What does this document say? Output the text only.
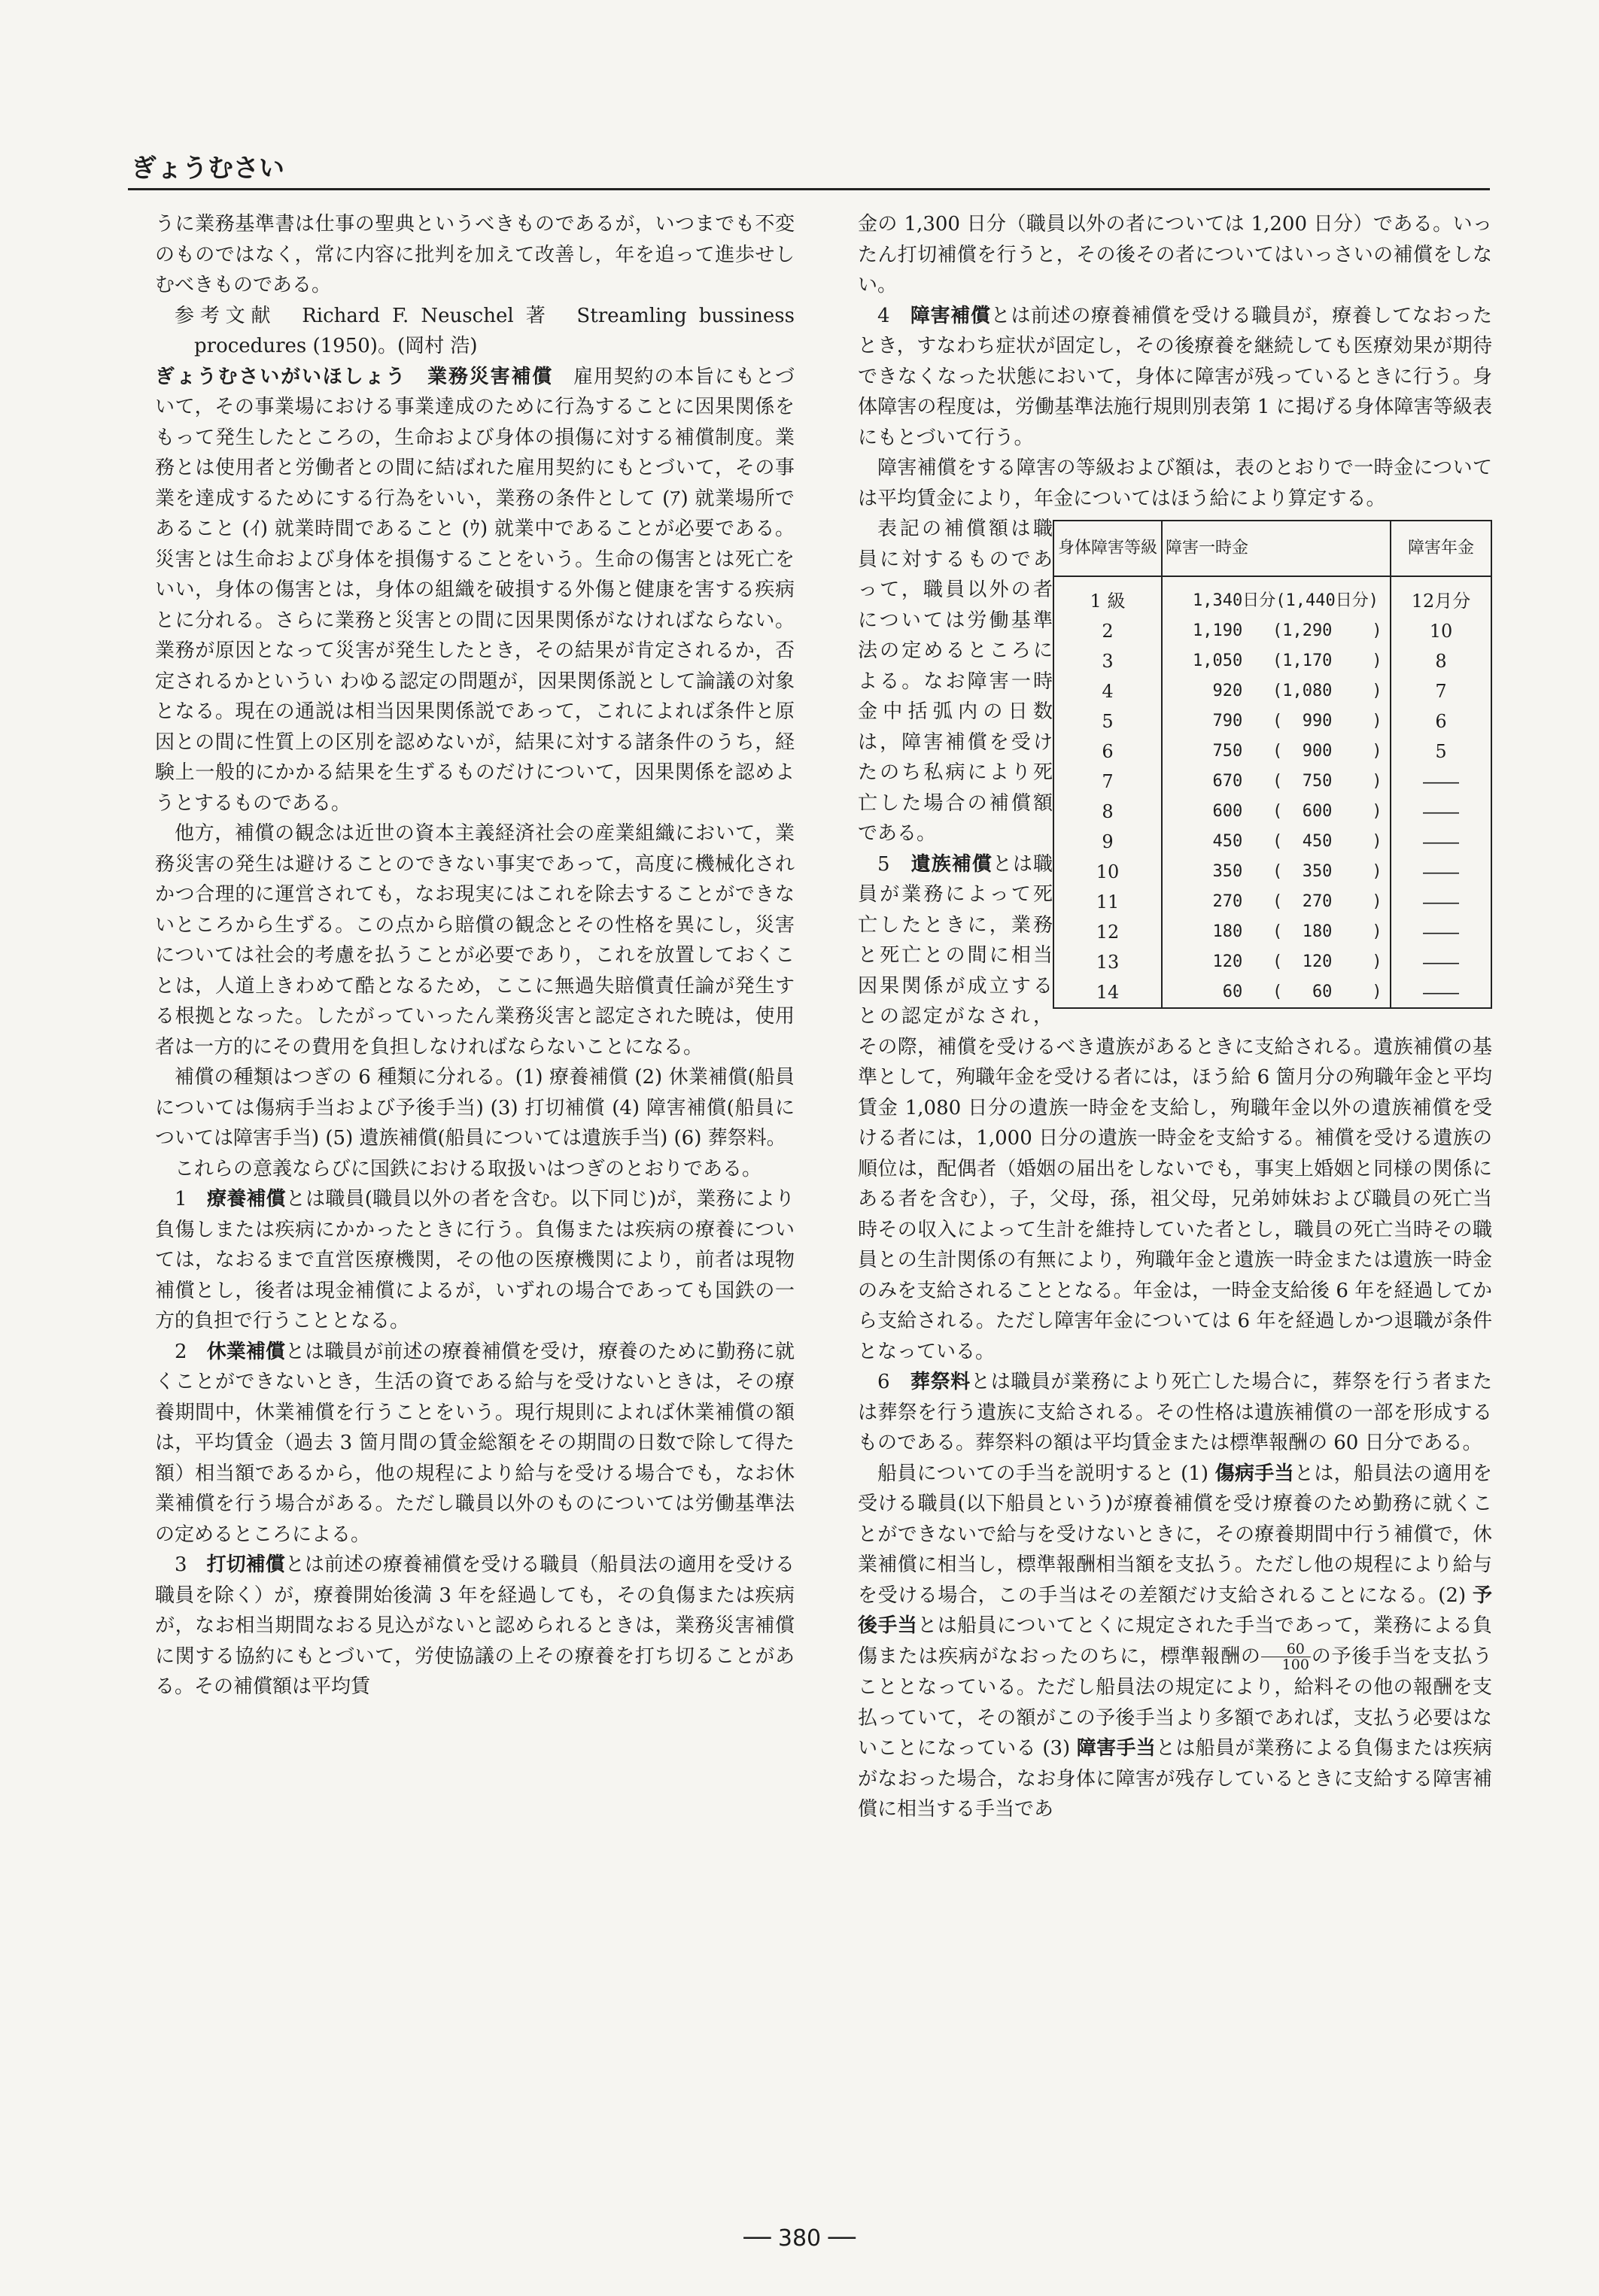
ぎょうむさい

うに業務基準書は仕事の聖典というべきものであるが，いつまでも不変のものではなく，常に内容に批判を加えて改善し，年を追って進歩せしむべきものである。

参考文献　Richard F. Neuschel 著　Streamling bussiness procedures (1950)。(岡村 浩)

ぎょうむさいがいほしょう　業務災害補償　 雇用契約の本旨にもとづいて，その事業場における事業達成のために行為することに因果関係をもって発生したところの，生命および身体の損傷に対する補償制度。業務とは使用者と労働者との間に結ばれた雇用契約にもとづいて，その事業を達成するためにする行為をいい，業務の条件として (ｱ) 就業場所であること (ｲ) 就業時間であること (ｳ) 就業中であることが必要である。災害とは生命および身体を損傷することをいう。生命の傷害とは死亡をいい，身体の傷害とは，身体の組織を破損する外傷と健康を害する疾病とに分れる。さらに業務と災害との間に因果関係がなければならない。業務が原因となって災害が発生したとき，その結果が肯定されるか，否定されるかというい わゆる認定の問題が，因果関係説として論議の対象となる。現在の通説は相当因果関係説であって，これによれば条件と原因との間に性質上の区別を認めないが，結果に対する諸条件のうち，経験上一般的にかかる結果を生ずるものだけについて，因果関係を認めようとするものである。

他方，補償の観念は近世の資本主義経済社会の産業組織において，業務災害の発生は避けることのできない事実であって，高度に機械化されかつ合理的に運営されても，なお現実にはこれを除去することができないところから生ずる。この点から賠償の観念とその性格を異にし，災害については社会的考慮を払うことが必要であり，これを放置しておくことは，人道上きわめて酷となるため，ここに無過失賠償責任論が発生する根拠となった。したがっていったん業務災害と認定された暁は，使用者は一方的にその費用を負担しなければならないことになる。

補償の種類はつぎの 6 種類に分れる。(1) 療養補償 (2) 休業補償(船員については傷病手当および予後手当) (3) 打切補償 (4) 障害補償(船員については障害手当) (5) 遺族補償(船員については遺族手当) (6) 葬祭料。

これらの意義ならびに国鉄における取扱いはつぎのとおりである。

1　療養補償とは職員(職員以外の者を含む。以下同じ)が，業務により負傷しまたは疾病にかかったときに行う。負傷または疾病の療養については，なおるまで直営医療機関，その他の医療機関により，前者は現物補償とし，後者は現金補償によるが，いずれの場合であっても国鉄の一方的負担で行うこととなる。

2　休業補償とは職員が前述の療養補償を受け，療養のために勤務に就くことができないとき，生活の資である給与を受けないときは，その療養期間中，休業補償を行うことをいう。現行規則によれば休業補償の額は，平均賃金（過去 3 箇月間の賃金総額をその期間の日数で除して得た額）相当額であるから，他の規程により給与を受ける場合でも，なお休業補償を行う場合がある。ただし職員以外のものについては労働基準法の定めるところによる。

3　打切補償とは前述の療養補償を受ける職員（船員法の適用を受ける職員を除く）が，療養開始後満 3 年を経過しても，その負傷または疾病が，なお相当期間なおる見込がないと認められるときは，業務災害補償に関する協約にもとづいて，労使協議の上その療養を打ち切ることがある。その補償額は平均賃

金の 1,300 日分（職員以外の者については 1,200 日分）である。いったん打切補償を行うと，その後その者についてはいっさいの補償をしない。

4　障害補償とは前述の療養補償を受ける職員が，療養してなおったとき，すなわち症状が固定し，その後療養を継続しても医療効果が期待できなくなった状態において，身体に障害が残っているときに行う。身体障害の程度は，労働基準法施行規則別表第 1 に掲げる身体障害等級表にもとづいて行う。

障害補償をする障害の等級および額は，表のとおりで一時金については平均賃金により，年金についてはほう給により算定する。

身体障害等級	障害一時金	障害年金
1 級	1,340日分(1,440日分)	12月分
2	1,190   (1,290    )	10
3	1,050   (1,170    )	8
4	920   (1,080    )	7
5	790   (  990    )	6
6	750   (  900    )	5
7	670   (  750    )	――
8	600   (  600    )	――
9	450   (  450    )	――
10	350   (  350    )	――
11	270   (  270    )	――
12	180   (  180    )	――
13	120   (  120    )	――
14	60   (   60    )	――

表記の補償額は職員に対するものであって，職員以外の者については労働基準法の定めるところによる。なお障害一時金中括弧内の日数は，障害補償を受けたのち私病により死亡した場合の補償額である。

5　遺族補償とは職員が業務によって死亡したときに，業務と死亡との間に相当因果関係が成立するとの認定がなされ，その際，補償を受けるべき遺族があるときに支給される。遺族補償の基準として，殉職年金を受ける者には，ほう給 6 箇月分の殉職年金と平均賃金 1,080 日分の遺族一時金を支給し，殉職年金以外の遺族補償を受ける者には，1,000 日分の遺族一時金を支給する。補償を受ける遺族の順位は，配偶者（婚姻の届出をしないでも，事実上婚姻と同様の関係にある者を含む），子，父母，孫，祖父母，兄弟姉妹および職員の死亡当時その収入によって生計を維持していた者とし，職員の死亡当時その職員との生計関係の有無により，殉職年金と遺族一時金または遺族一時金のみを支給されることとなる。年金は，一時金支給後 6 年を経過してから支給される。ただし障害年金については 6 年を経過しかつ退職が条件となっている。

6　葬祭料とは職員が業務により死亡した場合に，葬祭を行う者または葬祭を行う遺族に支給される。その性格は遺族補償の一部を形成するものである。葬祭料の額は平均賃金または標準報酬の 60 日分である。

船員についての手当を説明すると (1) 傷病手当とは，船員法の適用を受ける職員(以下船員という)が療養補償を受け療養のため勤務に就くことができないで給与を受けないときに，その療養期間中行う補償で，休業補償に相当し，標準報酬相当額を支払う。ただし他の規程により給与を受ける場合，この手当はその差額だけ支給されることになる。(2) 予後手当とは船員についてとくに規定された手当であって，業務による負傷または疾病がなおったのちに，標準報酬の $\frac{60}{100}$ の予後手当を支払うこととなっている。ただし船員法の規定により，給料その他の報酬を支払っていて，その額がこの予後手当より多額であれば，支払う必要はないことになっている (3) 障害手当とは船員が業務による負傷または疾病がなおった場合，なお身体に障害が残存しているときに支給する障害補償に相当する手当であ

── 380 ──
